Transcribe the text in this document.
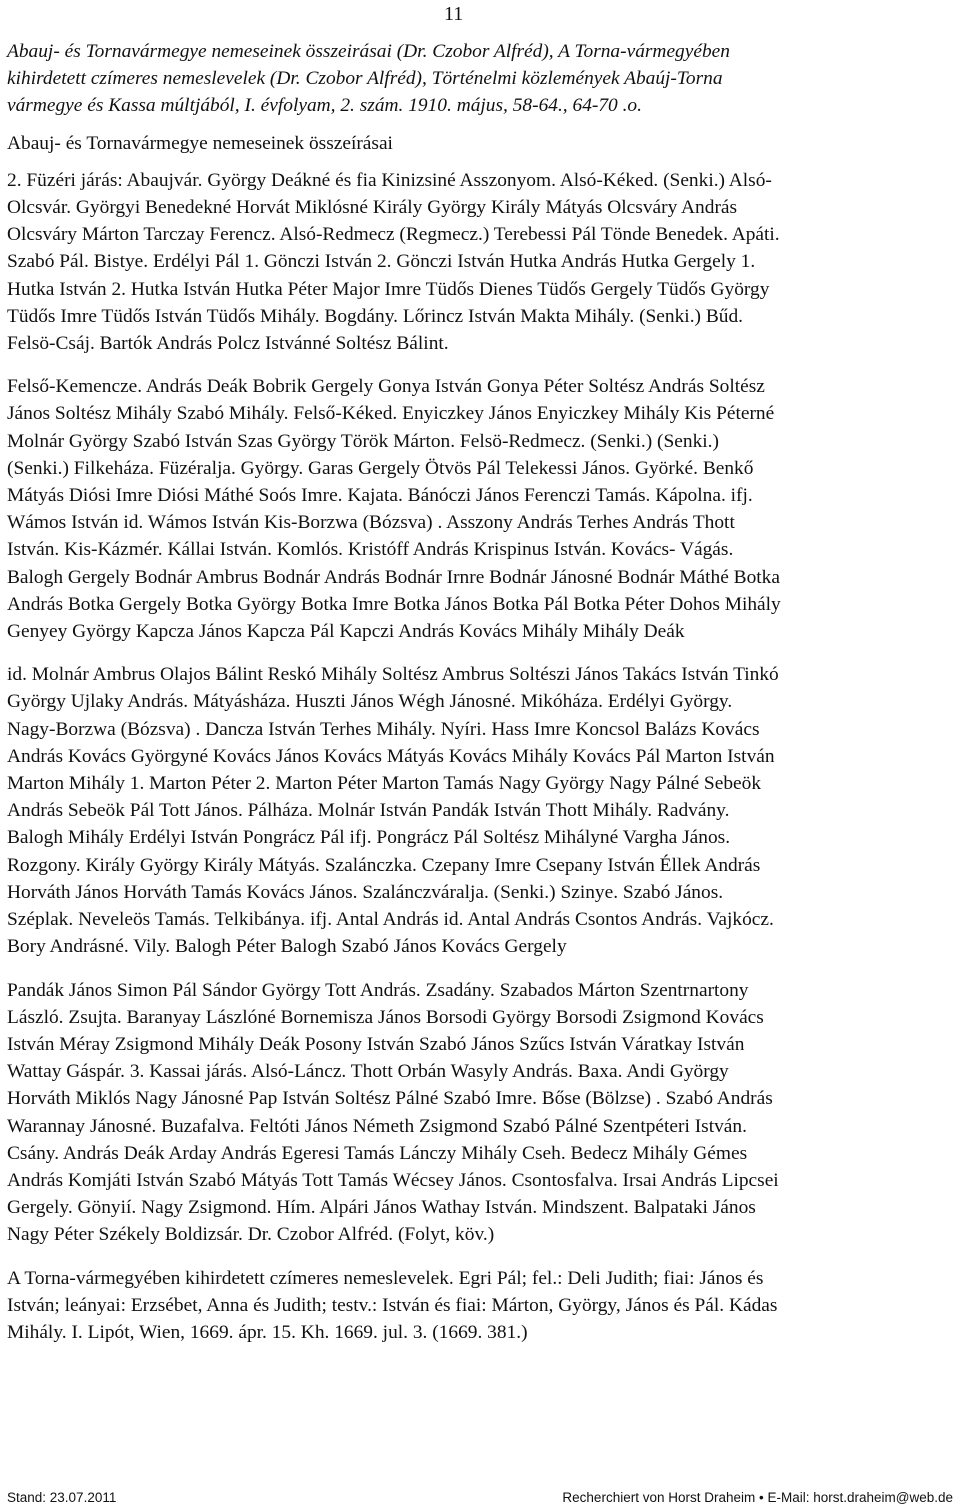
11

Abauj- és Tornavármegye nemeseinek összeirásai (Dr. Czobor Alfréd), A Torna-vármegyében
kihirdetett czímeres nemeslevelek (Dr. Czobor Alfréd), Történelmi közlemények Abaúj-Torna
vármegye és Kassa múltjából, I. évfolyam, 2. szám. 1910. május, 58-64., 64-70 .o.

Abauj- és Tornavármegye nemeseinek összeírásai

2. Füzéri járás: Abaujvár. György Deákné és fia Kinizsiné Asszonyom. Alsó-Kéked. (Senki.) Alsó-
Olcsvár. Györgyi Benedekné Horvát Miklósné Király György Király Mátyás Olcsváry András
Olcsváry Márton Tarczay Ferencz. Alsó-Redmecz (Regmecz.) Terebessi Pál Tönde Benedek. Apáti.
Szabó Pál. Bistye. Erdélyi Pál 1. Gönczi István 2. Gönczi István Hutka András Hutka Gergely 1.
Hutka István 2. Hutka István Hutka Péter Major Imre Tüdős Dienes Tüdős Gergely Tüdős György
Tüdős Imre Tüdős István Tüdős Mihály. Bogdány. Lőrincz István Makta Mihály. (Senki.) Bűd.
Felsö-Csáj. Bartók András Polcz Istvánné Soltész Bálint.

Felső-Kemencze. András Deák Bobrik Gergely Gonya István Gonya Péter Soltész András Soltész
János Soltész Mihály Szabó Mihály. Felső-Kéked. Enyiczkey János Enyiczkey Mihály Kis Péterné
Molnár György Szabó István Szas György Török Márton. Felsö-Redmecz. (Senki.) (Senki.)
(Senki.) Filkeháza. Füzéralja. György. Garas Gergely Ötvös Pál Telekessi János. Györké. Benkő
Mátyás Diósi Imre Diósi Máthé Soós Imre. Kajata. Bánóczi János Ferenczi Tamás. Kápolna. ifj.
Wámos István id. Wámos István Kis-Borzwa (Bózsva) . Asszony András Terhes András Thott
István. Kis-Kázmér. Kállai István. Komlós. Kristóff András Krispinus István. Kovács- Vágás.
Balogh Gergely Bodnár Ambrus Bodnár András Bodnár Irnre Bodnár Jánosné Bodnár Máthé Botka
András Botka Gergely Botka György Botka Imre Botka János Botka Pál Botka Péter Dohos Mihály
Genyey György Kapcza János Kapcza Pál Kapczi András Kovács Mihály Mihály Deák

id. Molnár Ambrus Olajos Bálint Reskó Mihály Soltész Ambrus Soltészi János Takács István Tinkó
György Ujlaky András. Mátyásháza. Huszti János Wégh Jánosné. Mikóháza. Erdélyi György.
Nagy-Borzwa (Bózsva) . Dancza István Terhes Mihály. Nyíri. Hass Imre Koncsol Balázs Kovács
András Kovács Györgyné Kovács János Kovács Mátyás Kovács Mihály Kovács Pál Marton István
Marton Mihály 1. Marton Péter 2. Marton Péter Marton Tamás Nagy György Nagy Pálné Sebeök
András Sebeök Pál Tott János. Pálháza. Molnár István Pandák István Thott Mihály. Radvány.
Balogh Mihály Erdélyi István Pongrácz Pál ifj. Pongrácz Pál Soltész Mihályné Vargha János.
Rozgony. Király György Király Mátyás. Szalánczka. Czepany Imre Csepany István Éllek András
Horváth János Horváth Tamás Kovács János. Szalánczváralja. (Senki.) Szinye. Szabó János.
Széplak. Neveleös Tamás. Telkibánya. ifj. Antal András id. Antal András Csontos András. Vajkócz.
Bory Andrásné. Vily. Balogh Péter Balogh Szabó János Kovács Gergely

Pandák János Simon Pál Sándor György Tott András. Zsadány. Szabados Márton Szentrnartony
László. Zsujta. Baranyay Lászlóné Bornemisza János Borsodi György Borsodi Zsigmond Kovács
István Méray Zsigmond Mihály Deák Posony István Szabó János Szűcs István Váratkay István
Wattay Gáspár. 3. Kassai járás. Alsó-Láncz. Thott Orbán Wasyly András. Baxa. Andi György
Horváth Miklós Nagy Jánosné Pap István Soltész Pálné Szabó Imre. Bőse (Bölzse) . Szabó András
Warannay Jánosné. Buzafalva. Feltóti János Németh Zsigmond Szabó Pálné Szentpéteri István.
Csány. András Deák Arday András Egeresi Tamás Lánczy Mihály Cseh. Bedecz Mihály Gémes
András Komjáti István Szabó Mátyás Tott Tamás Wécsey János. Csontosfalva. Irsai András Lipcsei
Gergely. Gönyií. Nagy Zsigmond. Hím. Alpári János Wathay István. Mindszent. Balpataki János
Nagy Péter Székely Boldizsár. Dr. Czobor Alfréd. (Folyt, köv.)

A Torna-vármegyében kihirdetett czímeres nemeslevelek. Egri Pál; fel.: Deli Judith; fiai: János és
István; leányai: Erzsébet, Anna és Judith; testv.: István és fiai: Márton, György, János és Pál. Kádas
Mihály. I. Lipót, Wien, 1669. ápr. 15. Kh. 1669. jul. 3. (1669. 381.)

Stand: 23.07.2011	Recherchiert von Horst Draheim • E-Mail: horst.draheim@web.de
